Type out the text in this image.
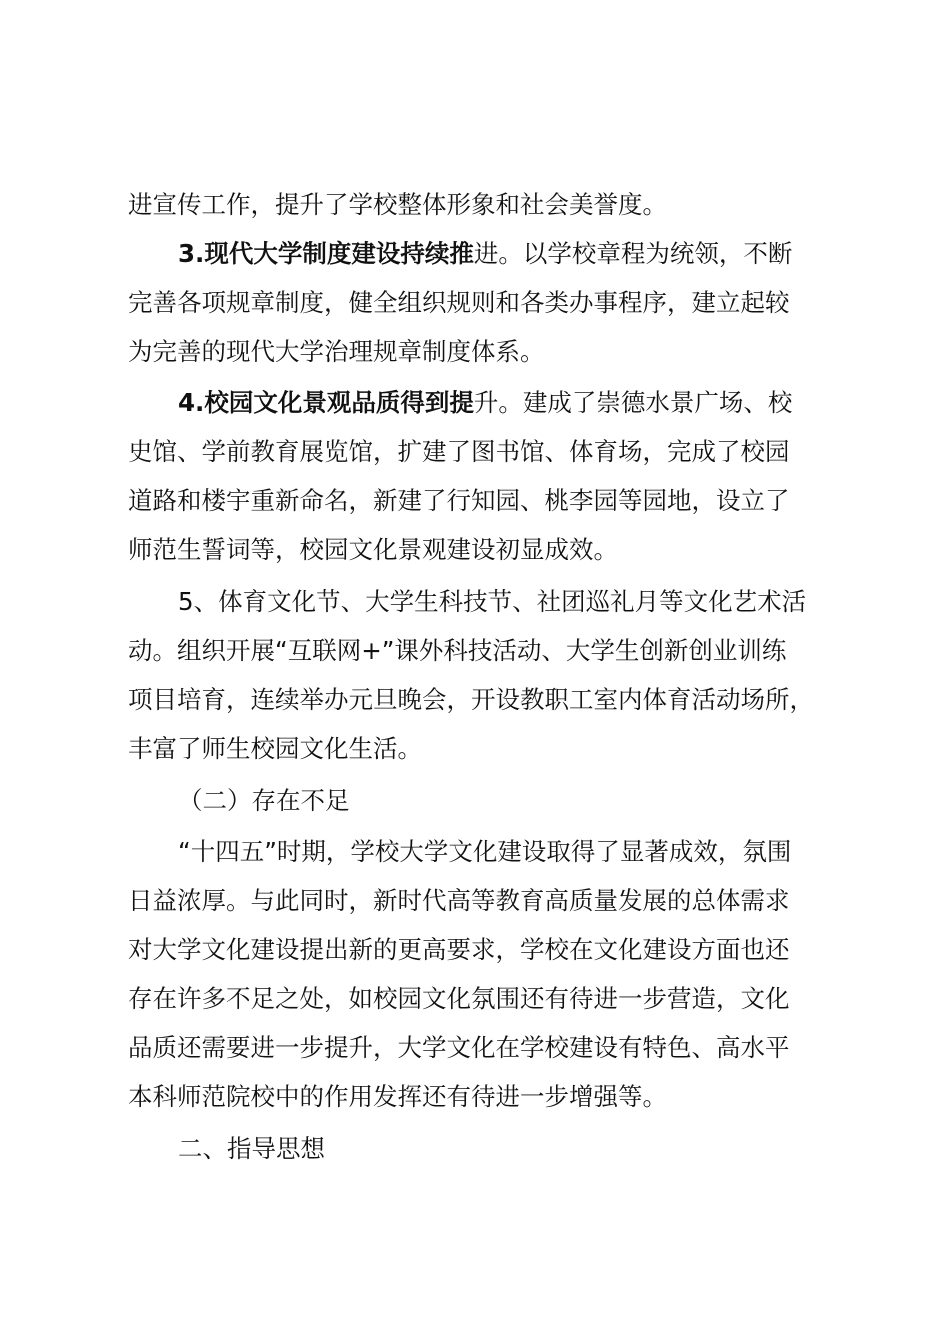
进宣传工作，提升了学校整体形象和社会美誉度。
3.现代大学制度建设持续推进。以学校章程为统领，不断
完善各项规章制度，健全组织规则和各类办事程序，建立起较
为完善的现代大学治理规章制度体系。
4.校园文化景观品质得到提升。建成了崇德水景广场、校
史馆、学前教育展览馆，扩建了图书馆、体育场，完成了校园
道路和楼宇重新命名，新建了行知园、桃李园等园地，设立了
师范生誓词等，校园文化景观建设初显成效。
5、体育文化节、大学生科技节、社团巡礼月等文化艺术活
动。组织开展“互联网+”课外科技活动、大学生创新创业训练
项目培育，连续举办元旦晚会，开设教职工室内体育活动场所，
丰富了师生校园文化生活。
（二）存在不足
“十四五”时期，学校大学文化建设取得了显著成效，氛围
日益浓厚。与此同时，新时代高等教育高质量发展的总体需求
对大学文化建设提出新的更高要求，学校在文化建设方面也还
存在许多不足之处，如校园文化氛围还有待进一步营造，文化
品质还需要进一步提升，大学文化在学校建设有特色、高水平
本科师范院校中的作用发挥还有待进一步增强等。
二、指导思想
